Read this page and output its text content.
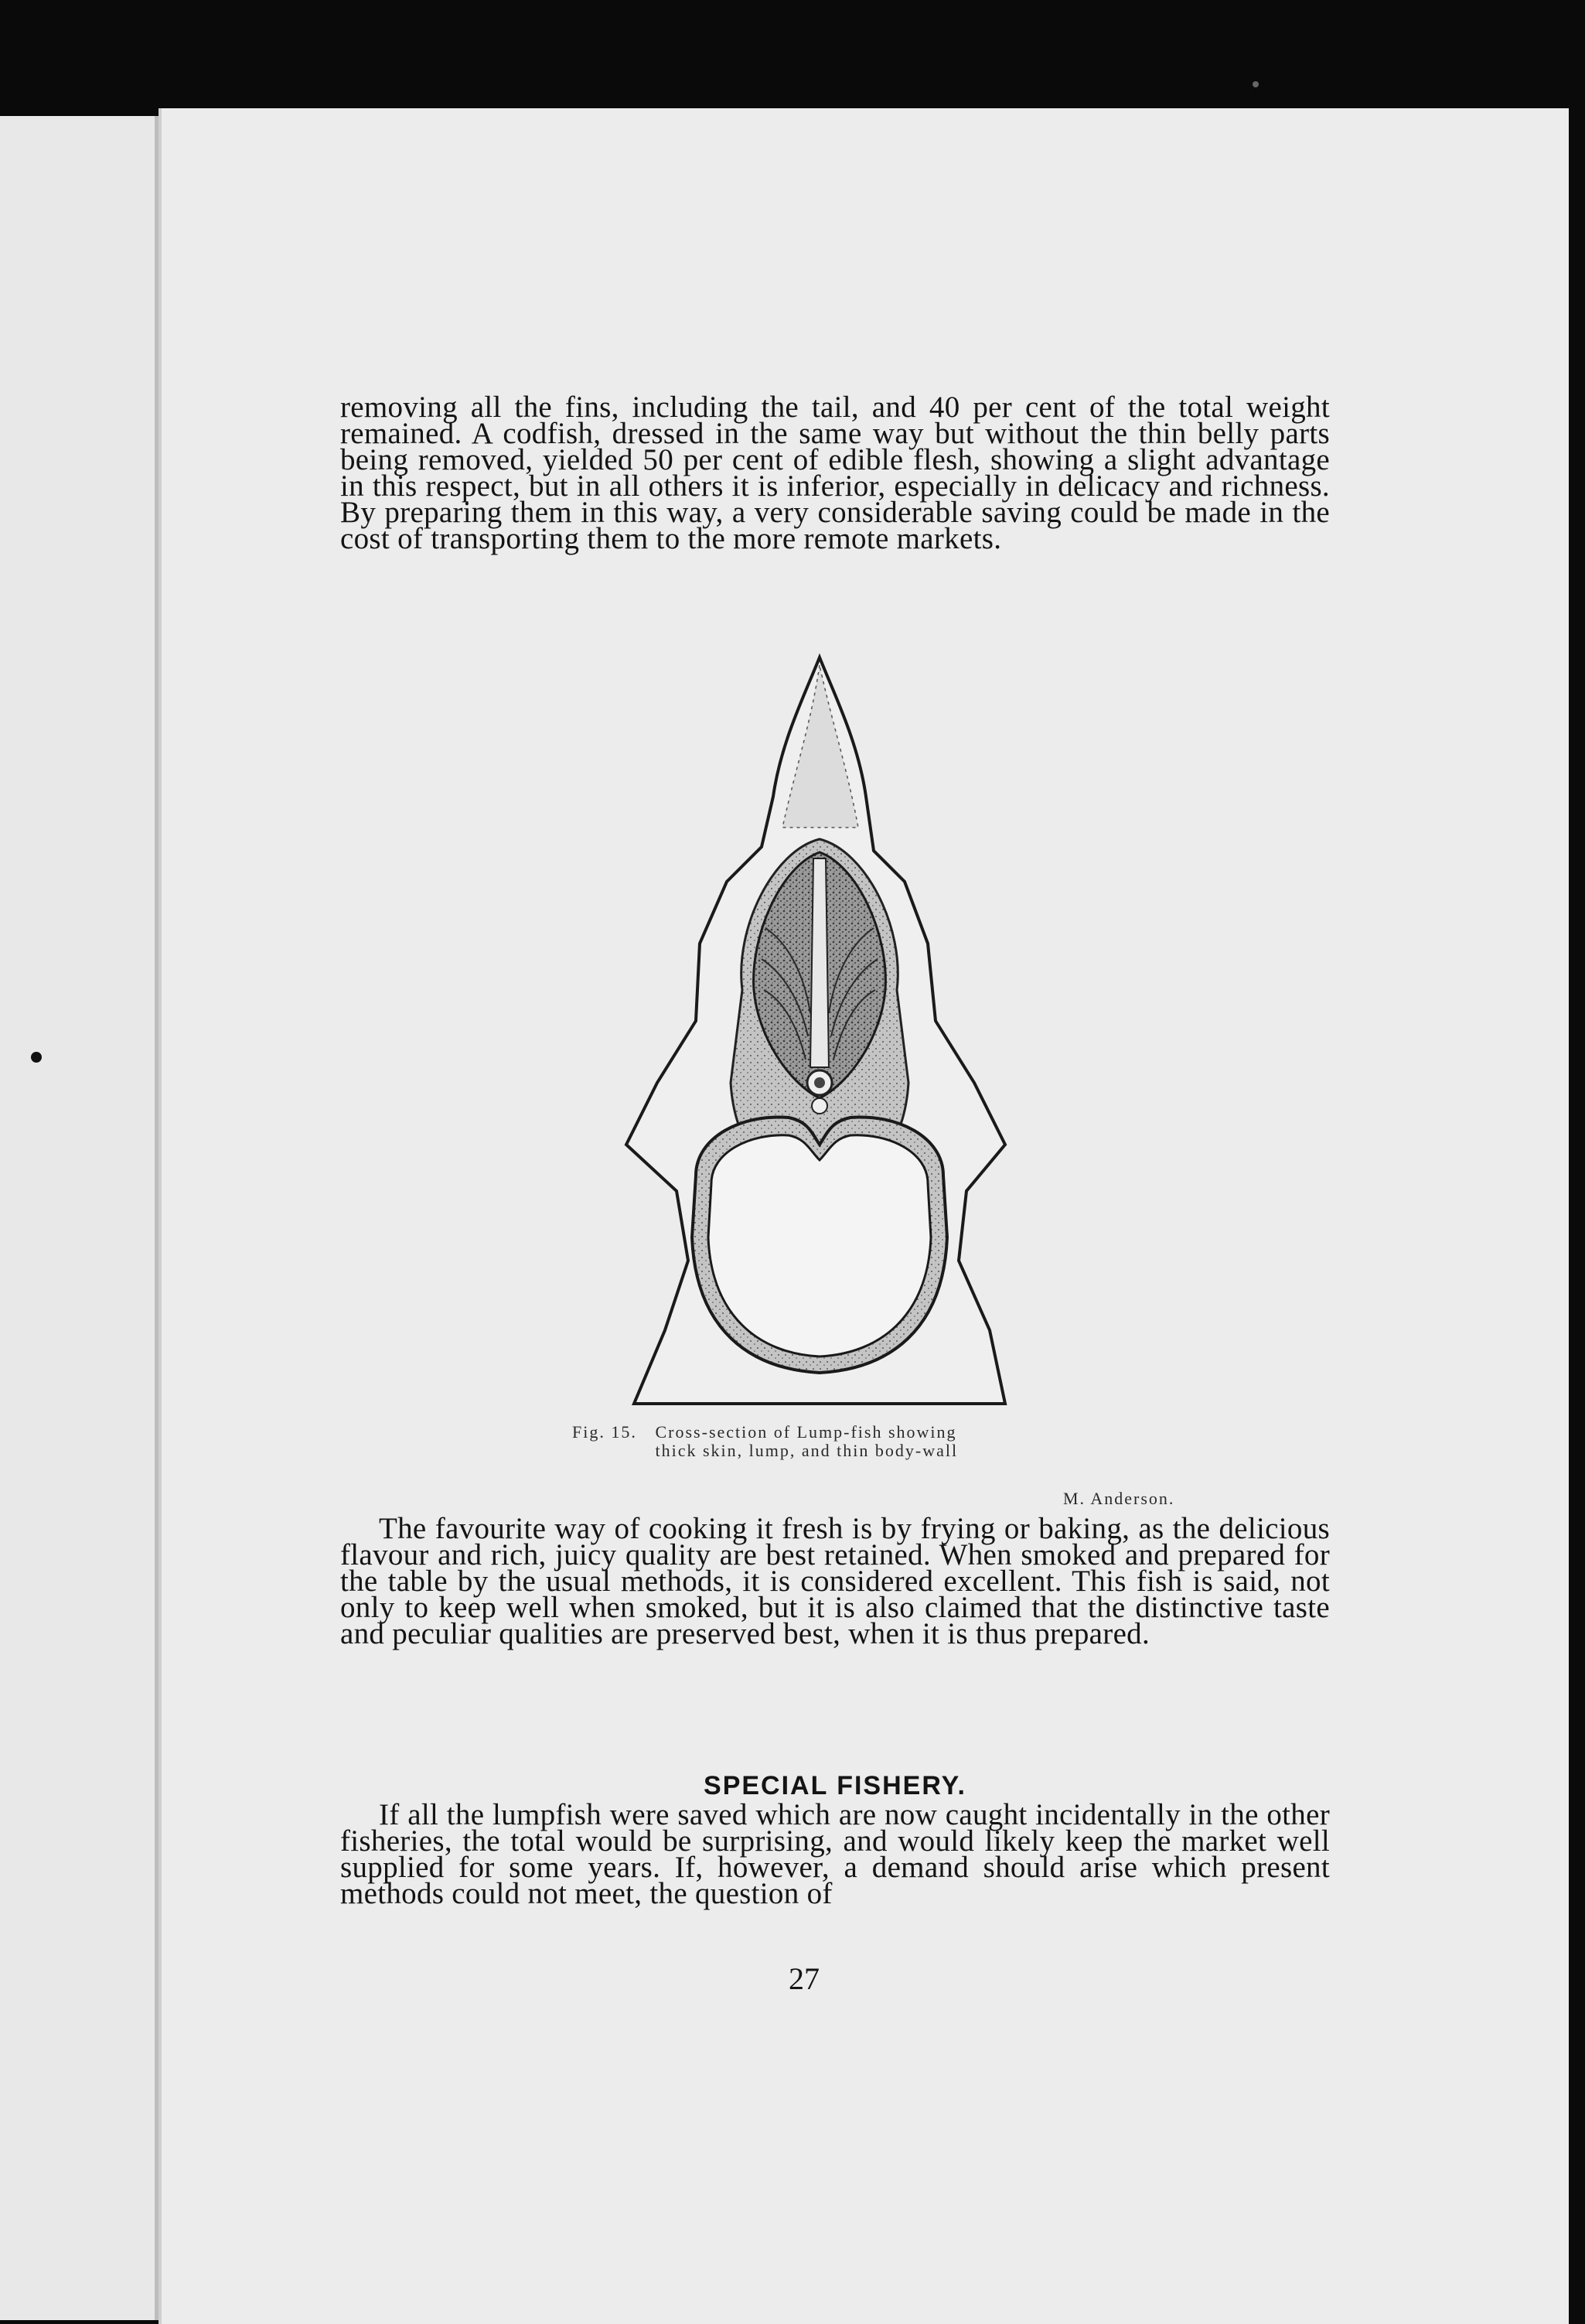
removing all the fins, including the tail, and 40 per cent of the total weight remained. A codfish, dressed in the same way but without the thin belly parts being removed, yielded 50 per cent of edible flesh, showing a slight advantage in this respect, but in all others it is inferior, especially in delicacy and richness. By preparing them in this way, a very considerable saving could be made in the cost of transporting them to the more remote markets.
Fig. 15. Cross-section of Lump-fish showing thick skin, lump, and thin body-wall
M. Anderson.
The favourite way of cooking it fresh is by frying or baking, as the delicious flavour and rich, juicy quality are best retained. When smoked and prepared for the table by the usual methods, it is considered excellent. This fish is said, not only to keep well when smoked, but it is also claimed that the distinctive taste and peculiar qualities are preserved best, when it is thus prepared.
SPECIAL FISHERY.
If all the lumpfish were saved which are now caught incidentally in the other fisheries, the total would be surprising, and would likely keep the market well supplied for some years. If, however, a demand should arise which present methods could not meet, the question of
27
